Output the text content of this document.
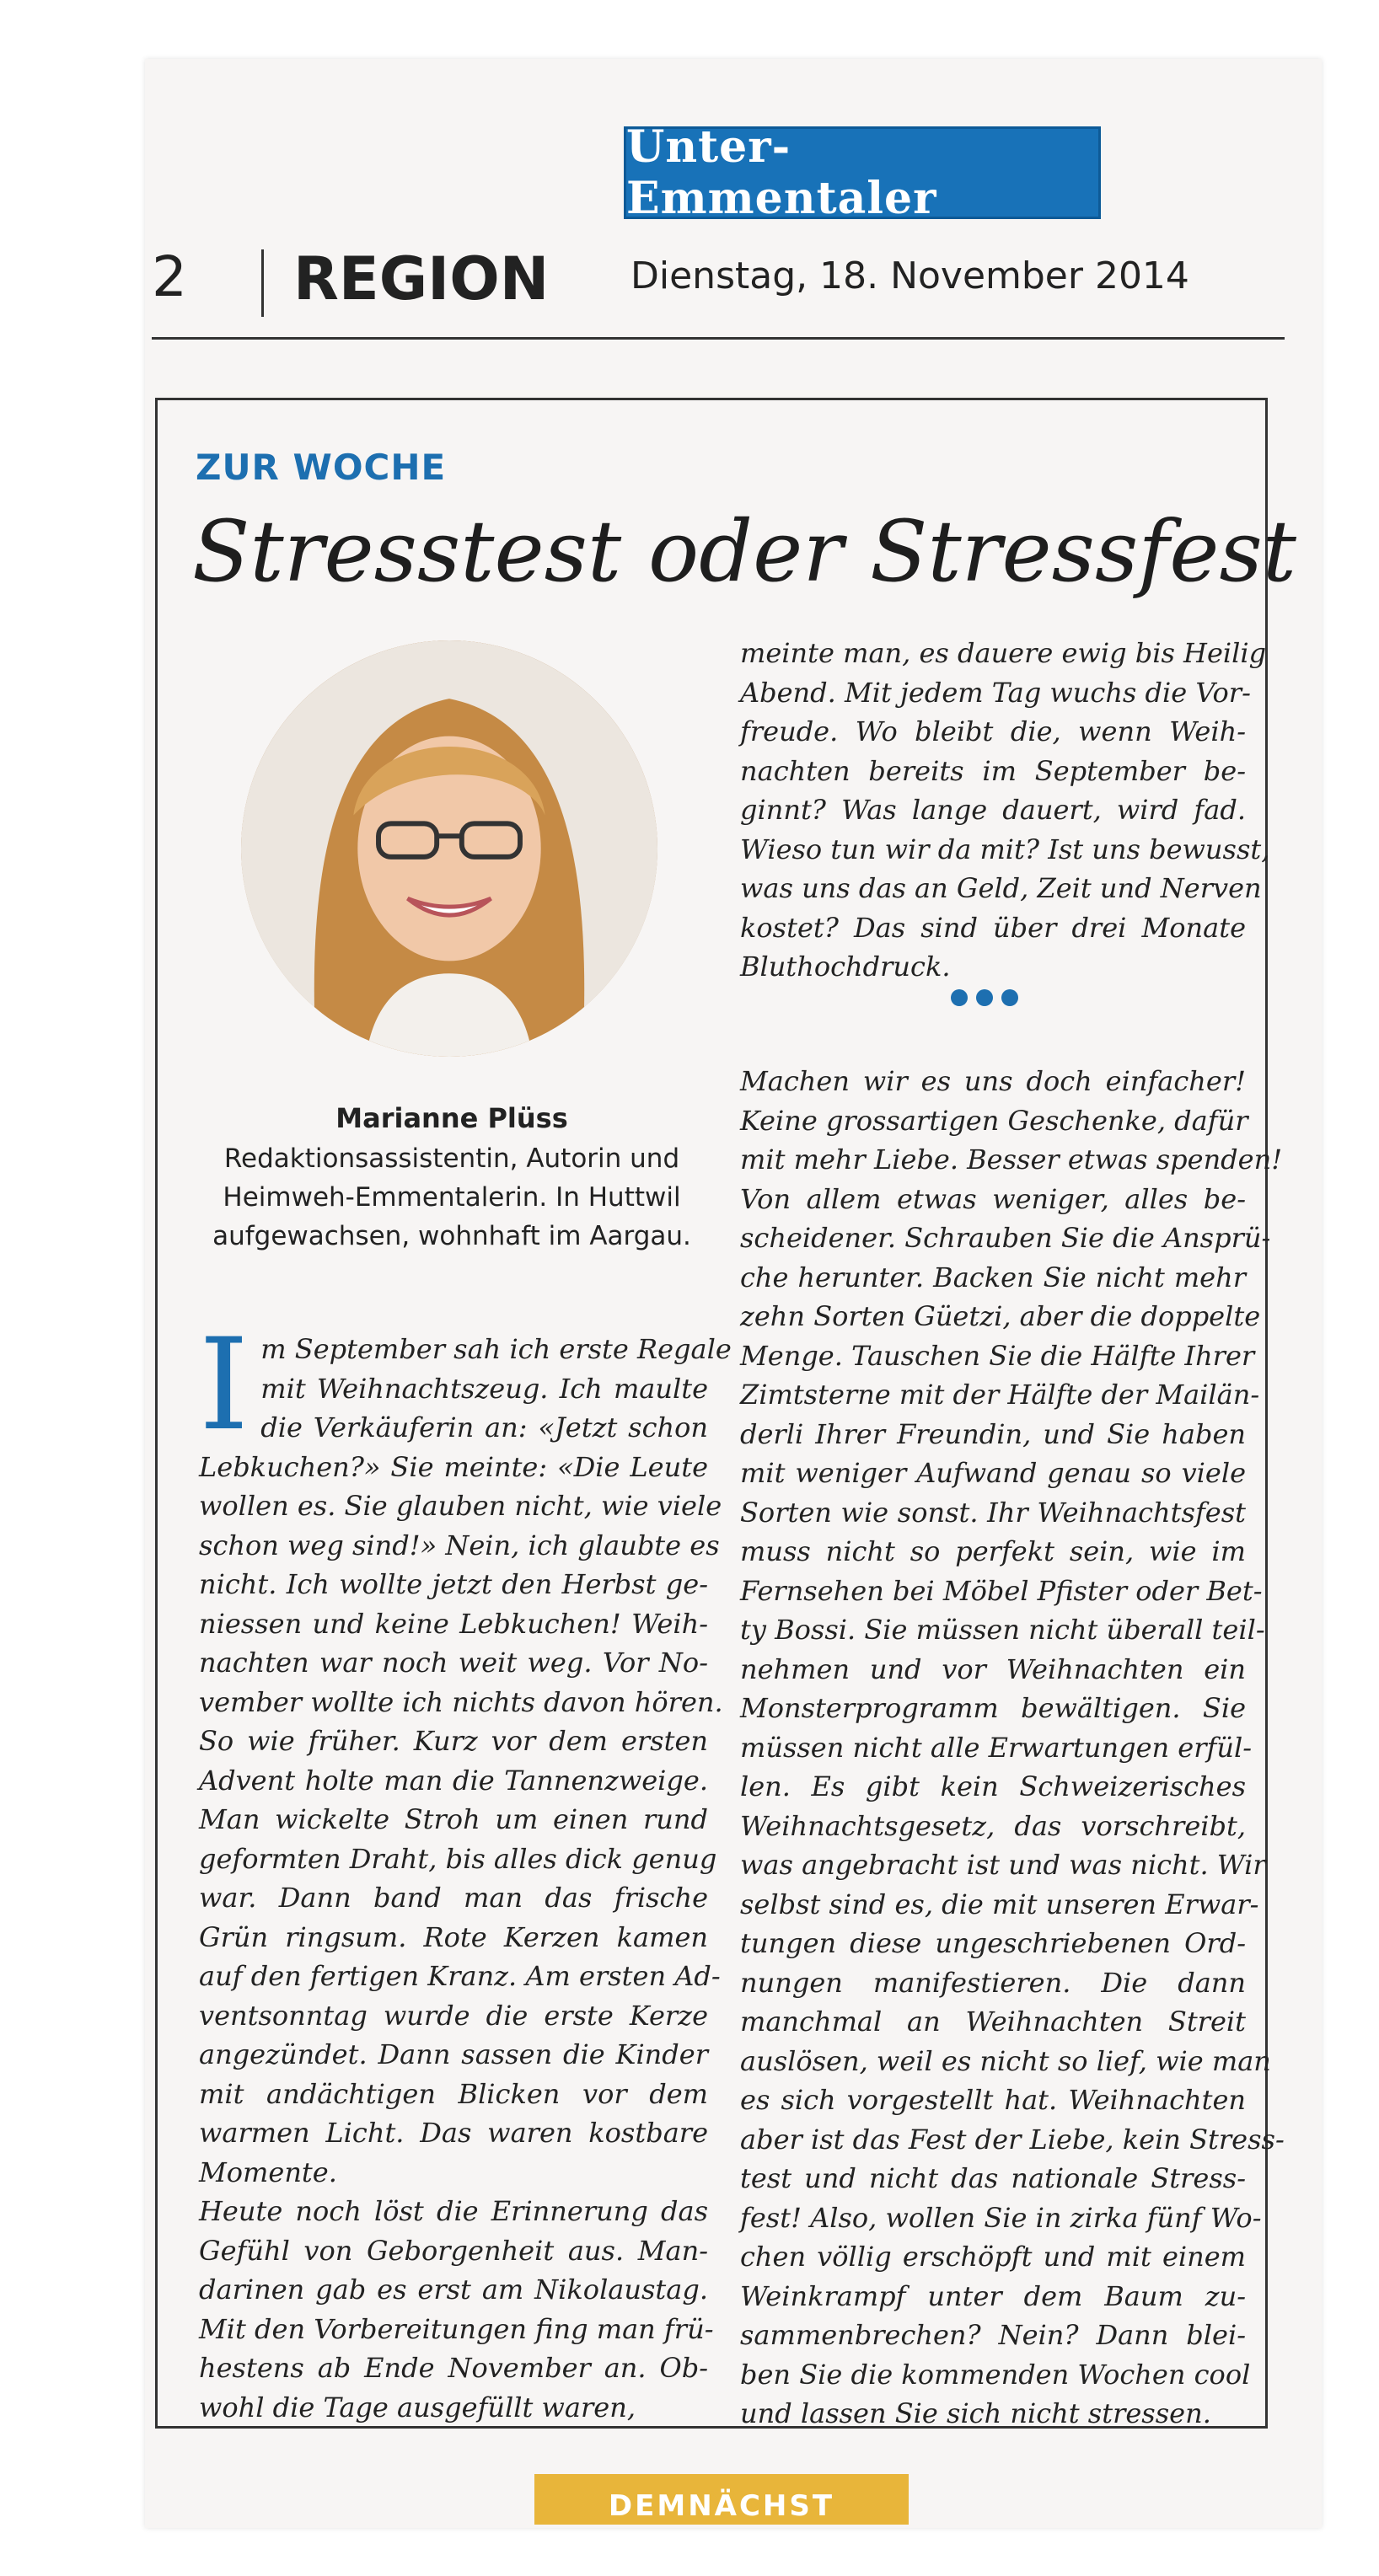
Unter-Emmentaler
2 REGION Dienstag, 18. November 2014
ZUR WOCHE
Stresstest oder Stressfest
Marianne Plüss
Redaktionsassistentin, Autorin und
Heimweh-Emmentalerin. In Huttwil
aufgewachsen, wohnhaft im Aargau.
I m September sah ich erste Regale
mit Weihnachtszeug. Ich maulte
die Verkäuferin an: «Jetzt schon
Lebkuchen?» Sie meinte: «Die Leute
wollen es. Sie glauben nicht, wie viele
schon weg sind!» Nein, ich glaubte es
nicht. Ich wollte jetzt den Herbst ge-
niessen und keine Lebkuchen! Weih-
nachten war noch weit weg. Vor No-
vember wollte ich nichts davon hören.
So wie früher. Kurz vor dem ersten
Advent holte man die Tannenzweige.
Man wickelte Stroh um einen rund
geformten Draht, bis alles dick genug
war. Dann band man das frische
Grün ringsum. Rote Kerzen kamen
auf den fertigen Kranz. Am ersten Ad-
ventsonntag wurde die erste Kerze
angezündet. Dann sassen die Kinder
mit andächtigen Blicken vor dem
warmen Licht. Das waren kostbare
Momente.
Heute noch löst die Erinnerung das
Gefühl von Geborgenheit aus. Man-
darinen gab es erst am Nikolaustag.
Mit den Vorbereitungen fing man frü-
hestens ab Ende November an. Ob-
wohl die Tage ausgefüllt waren,
meinte man, es dauere ewig bis Heilig
Abend. Mit jedem Tag wuchs die Vor-
freude. Wo bleibt die, wenn Weih-
nachten bereits im September be-
ginnt? Was lange dauert, wird fad.
Wieso tun wir da mit? Ist uns bewusst,
was uns das an Geld, Zeit und Nerven
kostet? Das sind über drei Monate
Bluthochdruck.
Machen wir es uns doch einfacher!
Keine grossartigen Geschenke, dafür
mit mehr Liebe. Besser etwas spenden!
Von allem etwas weniger, alles be-
scheidener. Schrauben Sie die Ansprü-
che herunter. Backen Sie nicht mehr
zehn Sorten Güetzi, aber die doppelte
Menge. Tauschen Sie die Hälfte Ihrer
Zimtsterne mit der Hälfte der Mailän-
derli Ihrer Freundin, und Sie haben
mit weniger Aufwand genau so viele
Sorten wie sonst. Ihr Weihnachtsfest
muss nicht so perfekt sein, wie im
Fernsehen bei Möbel Pfister oder Bet-
ty Bossi. Sie müssen nicht überall teil-
nehmen und vor Weihnachten ein
Monsterprogramm bewältigen. Sie
müssen nicht alle Erwartungen erfül-
len. Es gibt kein Schweizerisches
Weihnachtsgesetz, das vorschreibt,
was angebracht ist und was nicht. Wir
selbst sind es, die mit unseren Erwar-
tungen diese ungeschriebenen Ord-
nungen manifestieren. Die dann
manchmal an Weihnachten Streit
auslösen, weil es nicht so lief, wie man
es sich vorgestellt hat. Weihnachten
aber ist das Fest der Liebe, kein Stress-
test und nicht das nationale Stress-
fest! Also, wollen Sie in zirka fünf Wo-
chen völlig erschöpft und mit einem
Weinkrampf unter dem Baum zu-
sammenbrechen? Nein? Dann blei-
ben Sie die kommenden Wochen cool
und lassen Sie sich nicht stressen.
DEMNÄCHST
